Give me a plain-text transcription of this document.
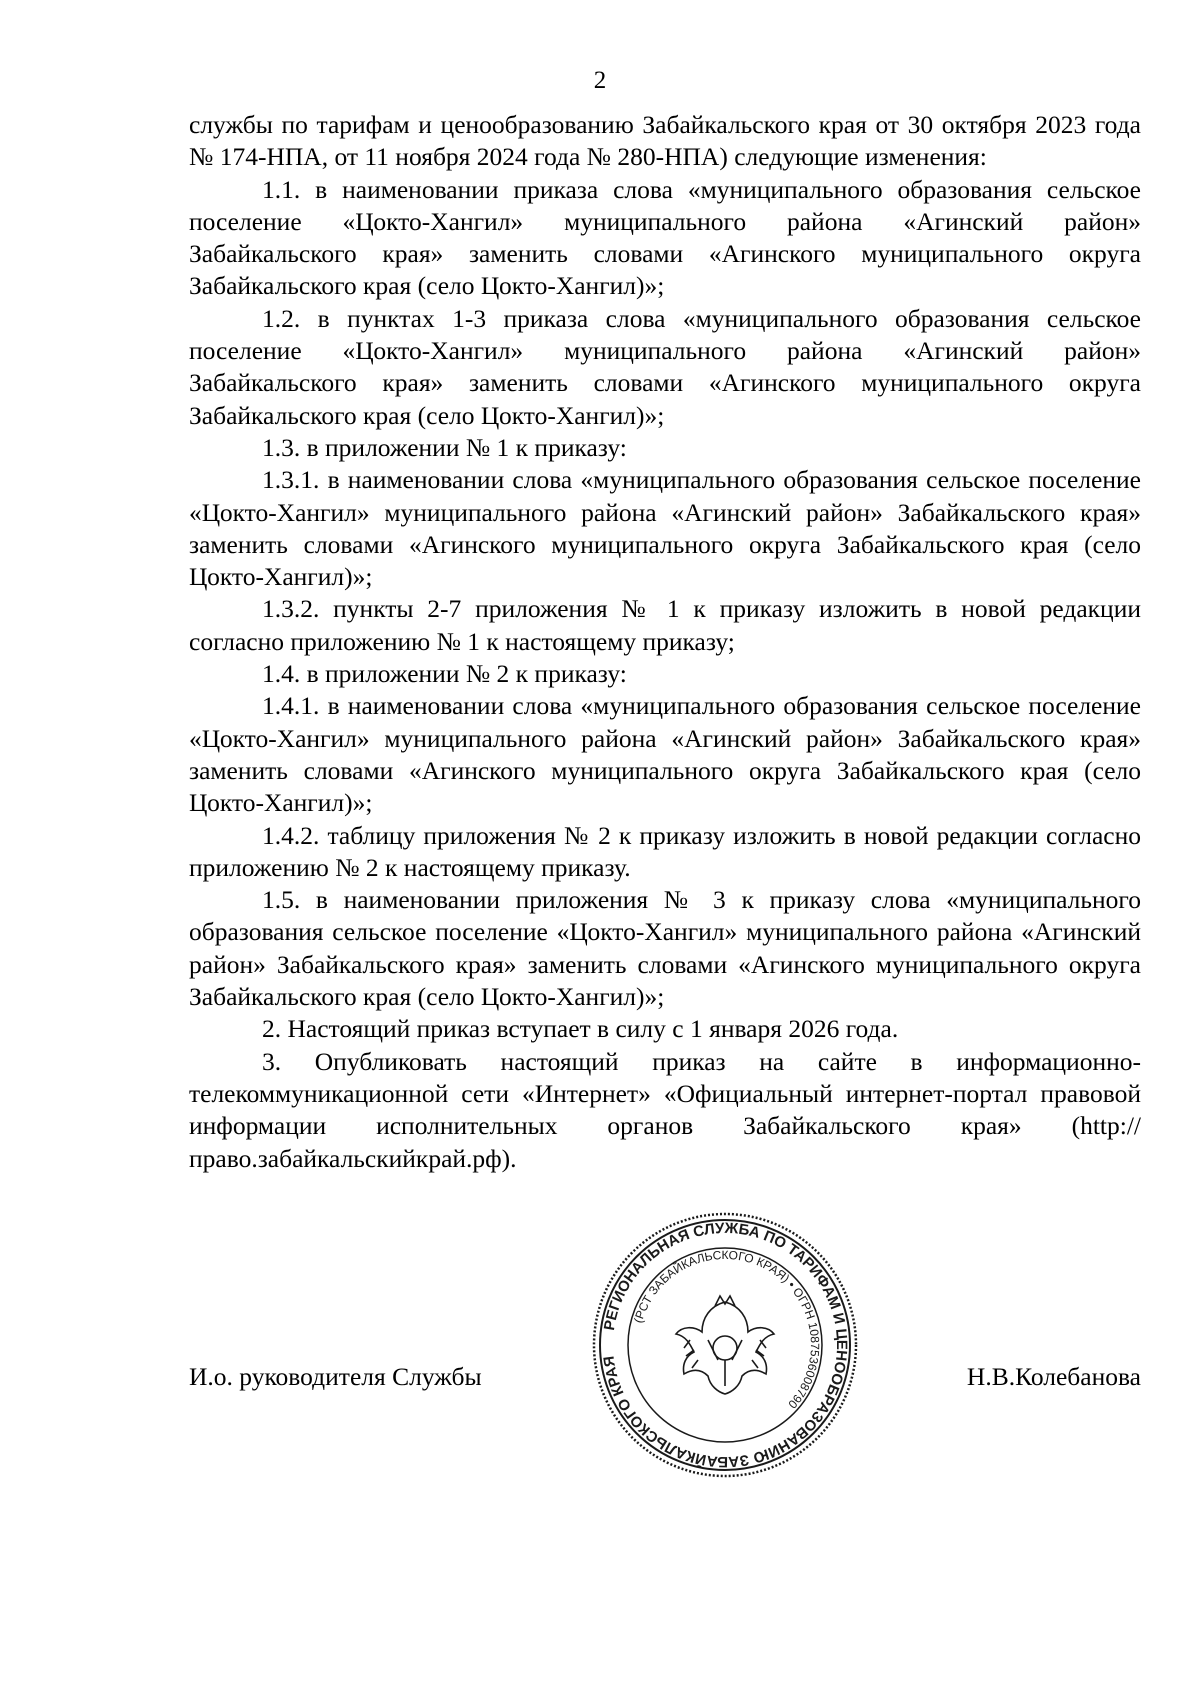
2

службы по тарифам и ценообразованию Забайкальского края от 30 октября 2023 года № 174-НПА, от 11 ноября 2024 года № 280-НПА) следующие изменения:

1.1. в наименовании приказа слова «муниципального образования сельское поселение «Цокто-Хангил» муниципального района «Агинский район» Забайкальского края» заменить словами «Агинского муниципального округа Забайкальского края (село Цокто-Хангил)»;

1.2. в пунктах 1-3 приказа слова «муниципального образования сельское поселение «Цокто-Хангил» муниципального района «Агинский район» Забайкальского края» заменить словами «Агинского муниципального округа Забайкальского края (село Цокто-Хангил)»;

1.3. в приложении № 1 к приказу:

1.3.1. в наименовании слова «муниципального образования сельское поселение «Цокто-Хангил» муниципального района «Агинский район» Забайкальского края» заменить словами «Агинского муниципального округа Забайкальского края (село Цокто-Хангил)»;

1.3.2. пункты 2-7 приложения № 1 к приказу изложить в новой редакции согласно приложению № 1 к настоящему приказу;

1.4. в приложении № 2 к приказу:

1.4.1. в наименовании слова «муниципального образования сельское поселение «Цокто-Хангил» муниципального района «Агинский район» Забайкальского края» заменить словами «Агинского муниципального округа Забайкальского края (село Цокто-Хангил)»;

1.4.2. таблицу приложения № 2 к приказу изложить в новой редакции согласно приложению № 2 к настоящему приказу.

1.5. в наименовании приложения № 3 к приказу слова «муниципального образования сельское поселение «Цокто-Хангил» муниципального района «Агинский район» Забайкальского края» заменить словами «Агинского муниципального округа Забайкальского края (село Цокто-Хангил)»;

2. Настоящий приказ вступает в силу с 1 января 2026 года.

3. Опубликовать настоящий приказ на сайте в информационно-телекоммуникационной сети «Интернет» «Официальный интернет-портал правовой информации исполнительных органов Забайкальского края» (http://право.забайкальскийкрай.рф).

И.о. руководителя Службы	Н.В.Колебанова
РЕГИОНАЛЬНАЯ СЛУЖБА ПО ТАРИФАМ И ЦЕНООБРАЗОВАНИЮ ЗАБАЙКАЛЬСКОГО КРАЯ
(РСТ ЗАБАЙКАЛЬСКОГО КРАЯ) • ОГРН 1087536008790
